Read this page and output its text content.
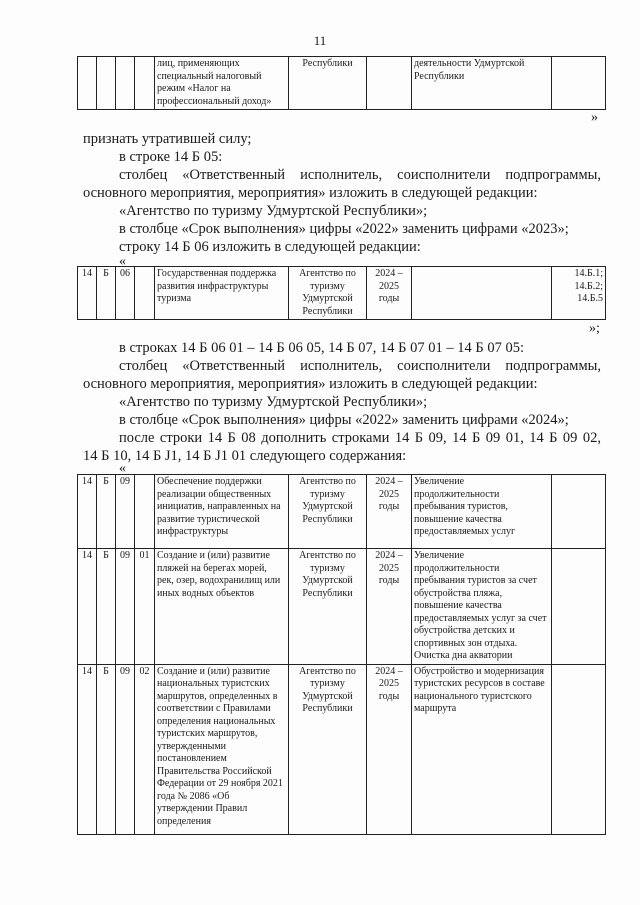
11
				лиц, применяющих специальный налоговый режим «Налог на профессиональный доход»	Республики		деятельности Удмуртской Республики	
»
признать утратившей силу;
в строке 14 Б 05:
столбец «Ответственный исполнитель, соисполнители подпрограммы,
основного мероприятия, мероприятия» изложить в следующей редакции:
«Агентство по туризму Удмуртской Республики»;
в столбце «Срок выполнения» цифры «2022» заменить цифрами «2023»;
строку 14 Б 06 изложить в следующей редакции:
«
14	Б	06		Государственная поддержка развития инфраструктуры туризма	Агентство по туризму Удмуртской Республики	2024 – 2025 годы		14.Б.1; 14.Б.2; 14.Б.5
»;
в строках 14 Б 06 01 – 14 Б 06 05, 14 Б 07, 14 Б 07 01 – 14 Б 07 05:
столбец «Ответственный исполнитель, соисполнители подпрограммы,
основного мероприятия, мероприятия» изложить в следующей редакции:
«Агентство по туризму Удмуртской Республики»;
в столбце «Срок выполнения» цифры «2022» заменить цифрами «2024»;
после строки 14 Б 08 дополнить строками 14 Б 09, 14 Б 09 01, 14 Б 09 02,
14 Б 10, 14 Б J1, 14 Б J1 01 следующего содержания:
«
14	Б	09		Обеспечение поддержки реализации общественных инициатив, направленных на развитие туристической инфраструктуры	Агентство по туризму Удмуртской Республики	2024 – 2025 годы	Увеличение продолжительности пребывания туристов, повышение качества предоставляемых услуг	
14	Б	09	01	Создание и (или) развитие пляжей на берегах морей, рек, озер, водохранилищ или иных водных объектов	Агентство по туризму Удмуртской Республики	2024 – 2025 годы	Увеличение продолжительности пребывания туристов за счет обустройства пляжа, повышение качества предоставляемых услуг за счет обустройства детских и спортивных зон отдыха. Очистка дна акватории	
14	Б	09	02	Создание и (или) развитие национальных туристских маршрутов, определенных в соответствии с Правилами определения национальных туристских маршрутов, утвержденными постановлением Правительства Российской Федерации от 29 ноября 2021 года № 2086 «Об утверждении Правил определения	Агентство по туризму Удмуртской Республики	2024 – 2025 годы	Обустройство и модернизация туристских ресурсов в составе национального туристского маршрута	
